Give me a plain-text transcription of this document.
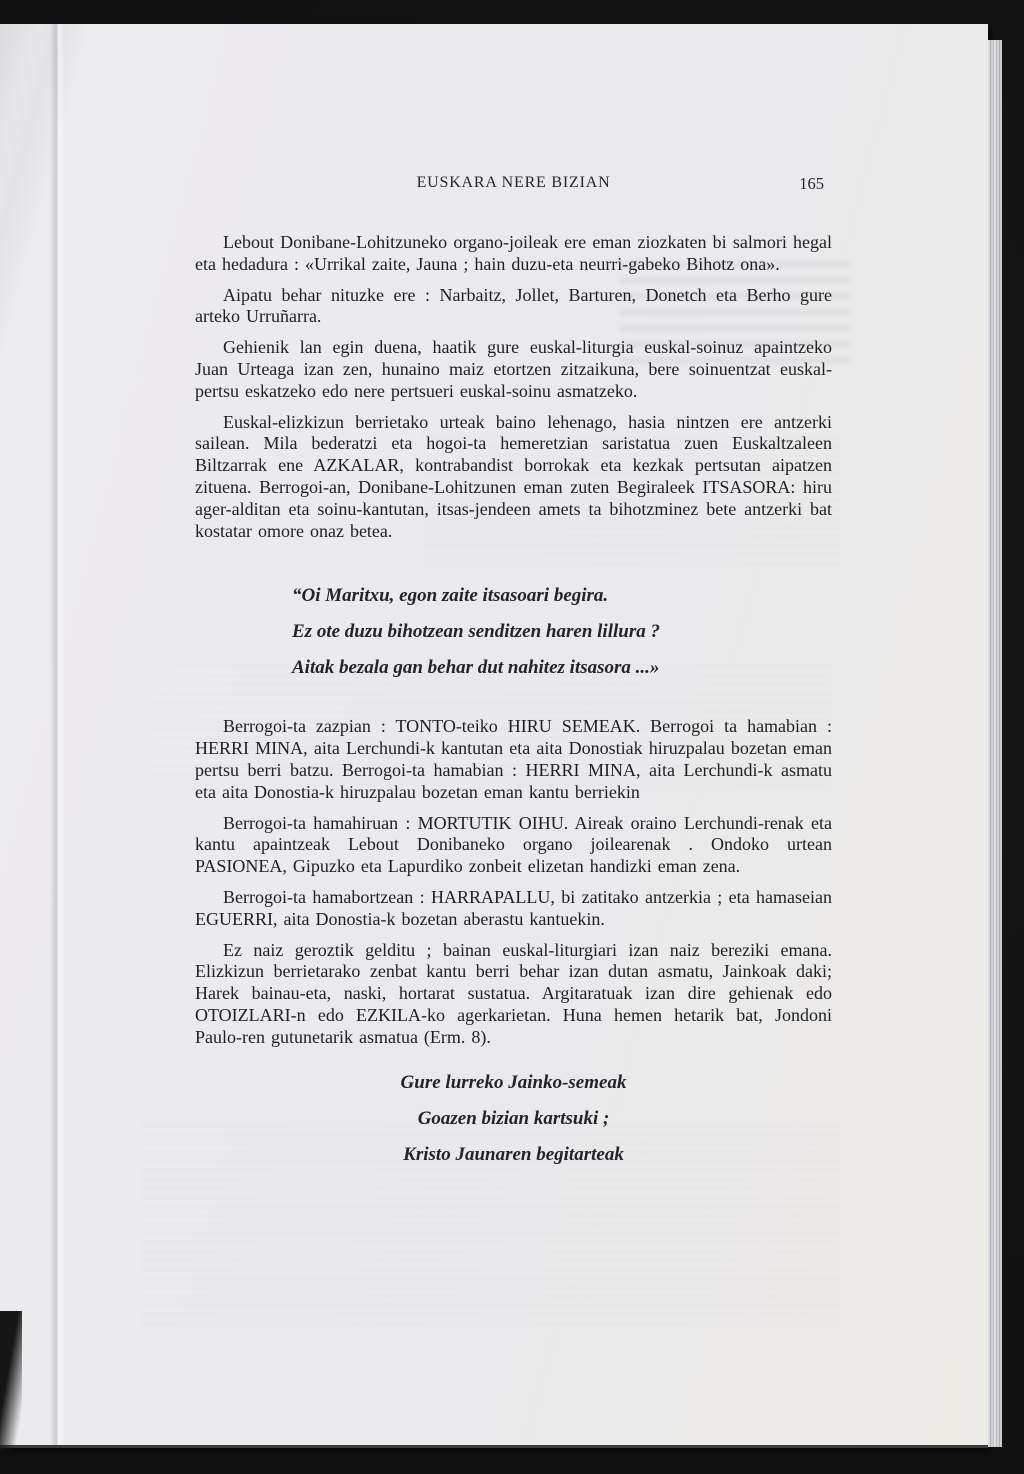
EUSKARA NERE BIZIAN	165

Lebout Donibane-Lohitzuneko organo-joileak ere eman ziozkaten bi salmori hegal eta hedadura : «Urrikal zaite, Jauna ; hain duzu-eta neurri-gabeko Bihotz ona».

Aipatu behar nituzke ere : Narbaitz, Jollet, Barturen, Donetch eta Berho gure arteko Urruñarra.

Gehienik lan egin duena, haatik gure euskal-liturgia euskal-soinuz apaintzeko Juan Urteaga izan zen, hunaino maiz etortzen zitzaikuna, bere soinuentzat euskal-pertsu eskatzeko edo nere pertsueri euskal-soinu asmatzeko.

Euskal-elizkizun berrietako urteak baino lehenago, hasia nintzen ere antzerki sailean. Mila bederatzi eta hogoi-ta hemeretzian saristatua zuen Euskaltzaleen Biltzarrak ene AZKALAR, kontrabandist borrokak eta kezkak pertsutan aipatzen zituena. Berrogoi-an, Donibane-Lohitzunen eman zuten Begiraleek ITSASORA: hiru ager-alditan eta soinu-kantutan, itsas-jendeen amets ta bihotzminez bete antzerki bat kostatar omore onaz betea.

“Oi Maritxu, egon zaite itsasoari begira.
Ez ote duzu bihotzean senditzen haren lillura ?
Aitak bezala gan behar dut nahitez itsasora ...»

Berrogoi-ta zazpian : TONTO-teiko HIRU SEMEAK. Berrogoi ta hamabian : HERRI MINA, aita Lerchundi-k kantutan eta aita Donostiak hiruzpalau bozetan eman pertsu berri batzu. Berrogoi-ta hamabian : HERRI MINA, aita Lerchundi-k asmatu eta aita Donostia-k hiruzpalau bozetan eman kantu berriekin

Berrogoi-ta hamahiruan : MORTUTIK OIHU. Aireak oraino Lerchundi-renak eta kantu apaintzeak Lebout Donibaneko organo joilearenak . Ondoko urtean PASIONEA, Gipuzko eta Lapurdiko zonbeit elizetan handizki eman zena.

Berrogoi-ta hamabortzean : HARRAPALLU, bi zatitako antzerkia ; eta hamaseian EGUERRI, aita Donostia-k bozetan aberastu kantuekin.

Ez naiz geroztik gelditu ; bainan euskal-liturgiari izan naiz bereziki emana. Elizkizun berrietarako zenbat kantu berri behar izan dutan asmatu, Jainkoak daki; Harek bainau-eta, naski, hortarat sustatua. Argitaratuak izan dire gehienak edo OTOIZLARI-n edo EZKILA-ko agerkarietan. Huna hemen hetarik bat, Jondoni Paulo-ren gutunetarik asmatua (Erm. 8).

Gure lurreko Jainko-semeak
Goazen bizian kartsuki ;
Kristo Jaunaren begitarteak
